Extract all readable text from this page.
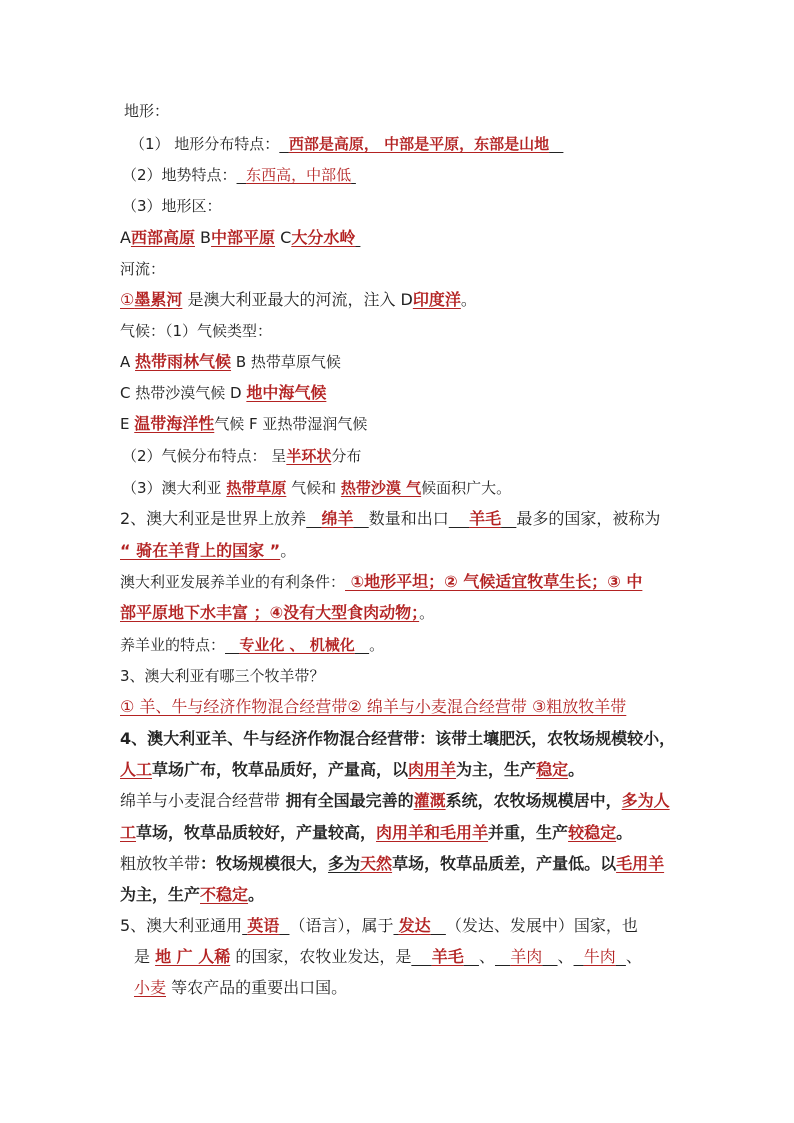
地形：
（1） 地形分布特点： 西部是高原， 中部是平原，东部是山地
（2）地势特点： 东西高，中部低
（3）地形区：
A西部高原 B中部平原 C大分水岭
河流：
①墨累河 是澳大利亚最大的河流，注入 D印度洋。
气候：（1）气候类型：
A 热带雨林气候 B 热带草原气候
C 热带沙漠气候 D 地中海气候
E 温带海洋性气候 F 亚热带湿润气候
（2）气候分布特点： 呈半环状分布
（3）澳大利亚 热带草原 气候和 热带沙漠 气候面积广大。
2、澳大利亚是世界上放养 绵羊 数量和出口 羊毛 最多的国家，被称为
“ 骑在羊背上的国家 ”。
澳大利亚发展养羊业的有利条件： ①地形平坦；② 气候适宜牧草生长；③ 中
部平原地下水丰富 ；④没有大型食肉动物；。
养羊业的特点： 专业化 、 机械化 。
3、澳大利亚有哪三个牧羊带？
① 羊、牛与经济作物混合经营带② 绵羊与小麦混合经营带 ③粗放牧羊带
4、澳大利亚羊、牛与经济作物混合经营带：该带土壤肥沃，农牧场规模较小，
人工草场广布，牧草品质好，产量高，以肉用羊为主，生产稳定。
绵羊与小麦混合经营带 拥有全国最完善的灌溉系统，农牧场规模居中，多为人
工草场，牧草品质较好，产量较高，肉用羊和毛用羊并重，生产较稳定。
粗放牧羊带：牧场规模很大，多为天然草场，牧草品质差，产量低。以毛用羊
为主，生产不稳定。
5、澳大利亚通用 英语 （语言），属于 发达 （发达、发展中）国家，也
是 地 广 人稀 的国家，农牧业发达，是 羊毛 、 羊肉 、 牛肉 、
小麦 等农产品的重要出口国。
